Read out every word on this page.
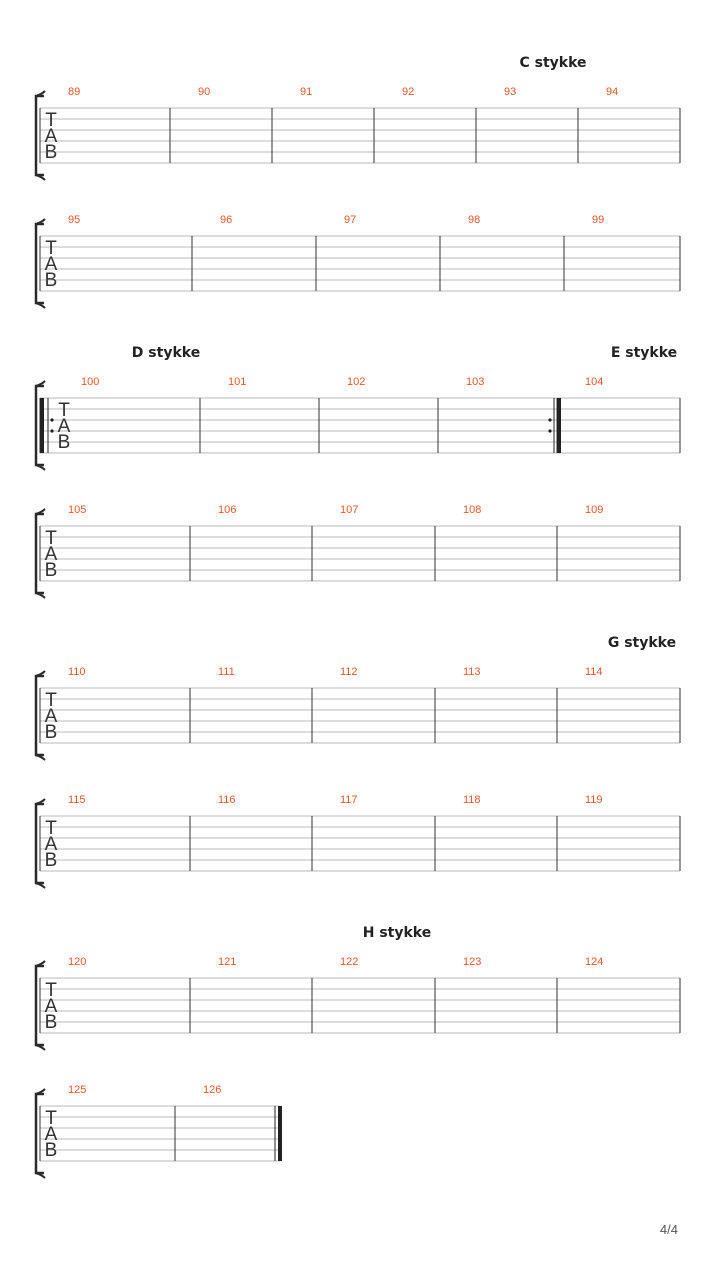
T
A
B
89	90	91	92	93	94
C stykke
T
A
B
95	96	97	98	99
T
A
B
100	101	102	103	104
D stykke	E stykke
T
A
B
105	106	107	108	109
T
A
B
110	111	112	113	114
G stykke
T
A
B
115	116	117	118	119
T
A
B
120	121	122	123	124
H stykke
T
A
B
125	126
4/4
